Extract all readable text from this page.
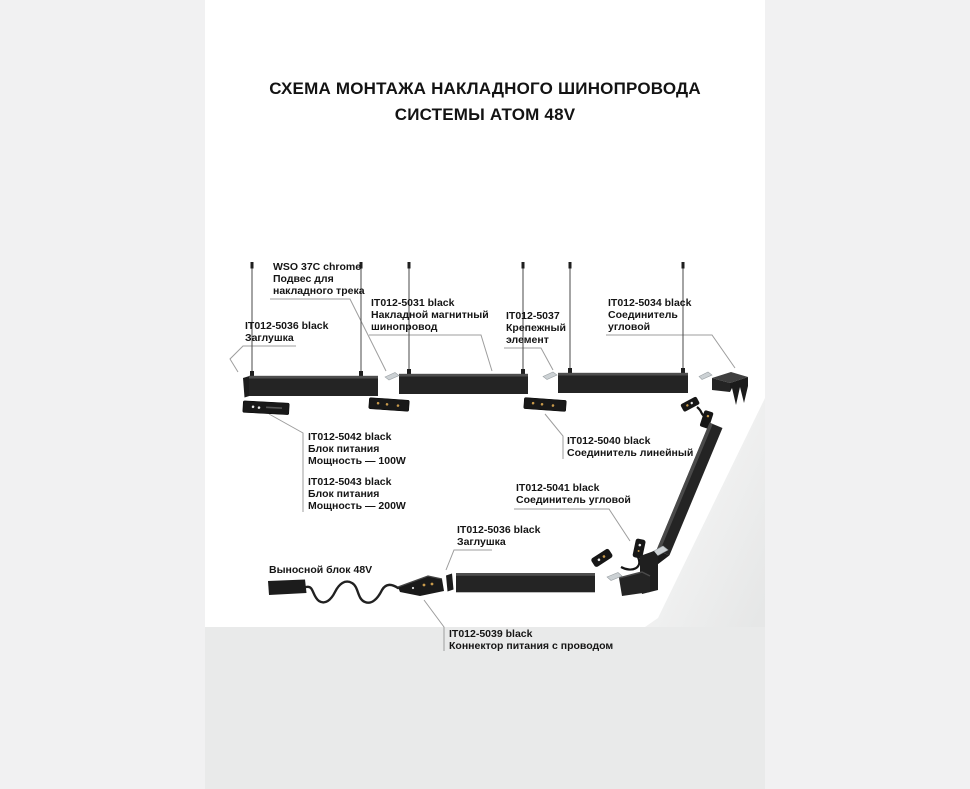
СХЕМА МОНТАЖА НАКЛАДНОГО ШИНОПРОВОДА
СИСТЕМЫ АТОМ 48V
WSO 37C chrome
Подвес для
накладного трека
IT012-5031 black
Накладной магнитный
шинопровод
IT012-5036 black
Заглушка
IT012-5037
Крепежный
элемент
IT012-5034 black
Соединитель
угловой
IT012-5042 black
Блок питания
Мощность — 100W
IT012-5043 black
Блок питания
Мощность — 200W
IT012-5040 black
Соединитель линейный
IT012-5041 black
Соединитель угловой
IT012-5036 black
Заглушка
Выносной блок 48V
IT012-5039 black
Коннектор питания с проводом
